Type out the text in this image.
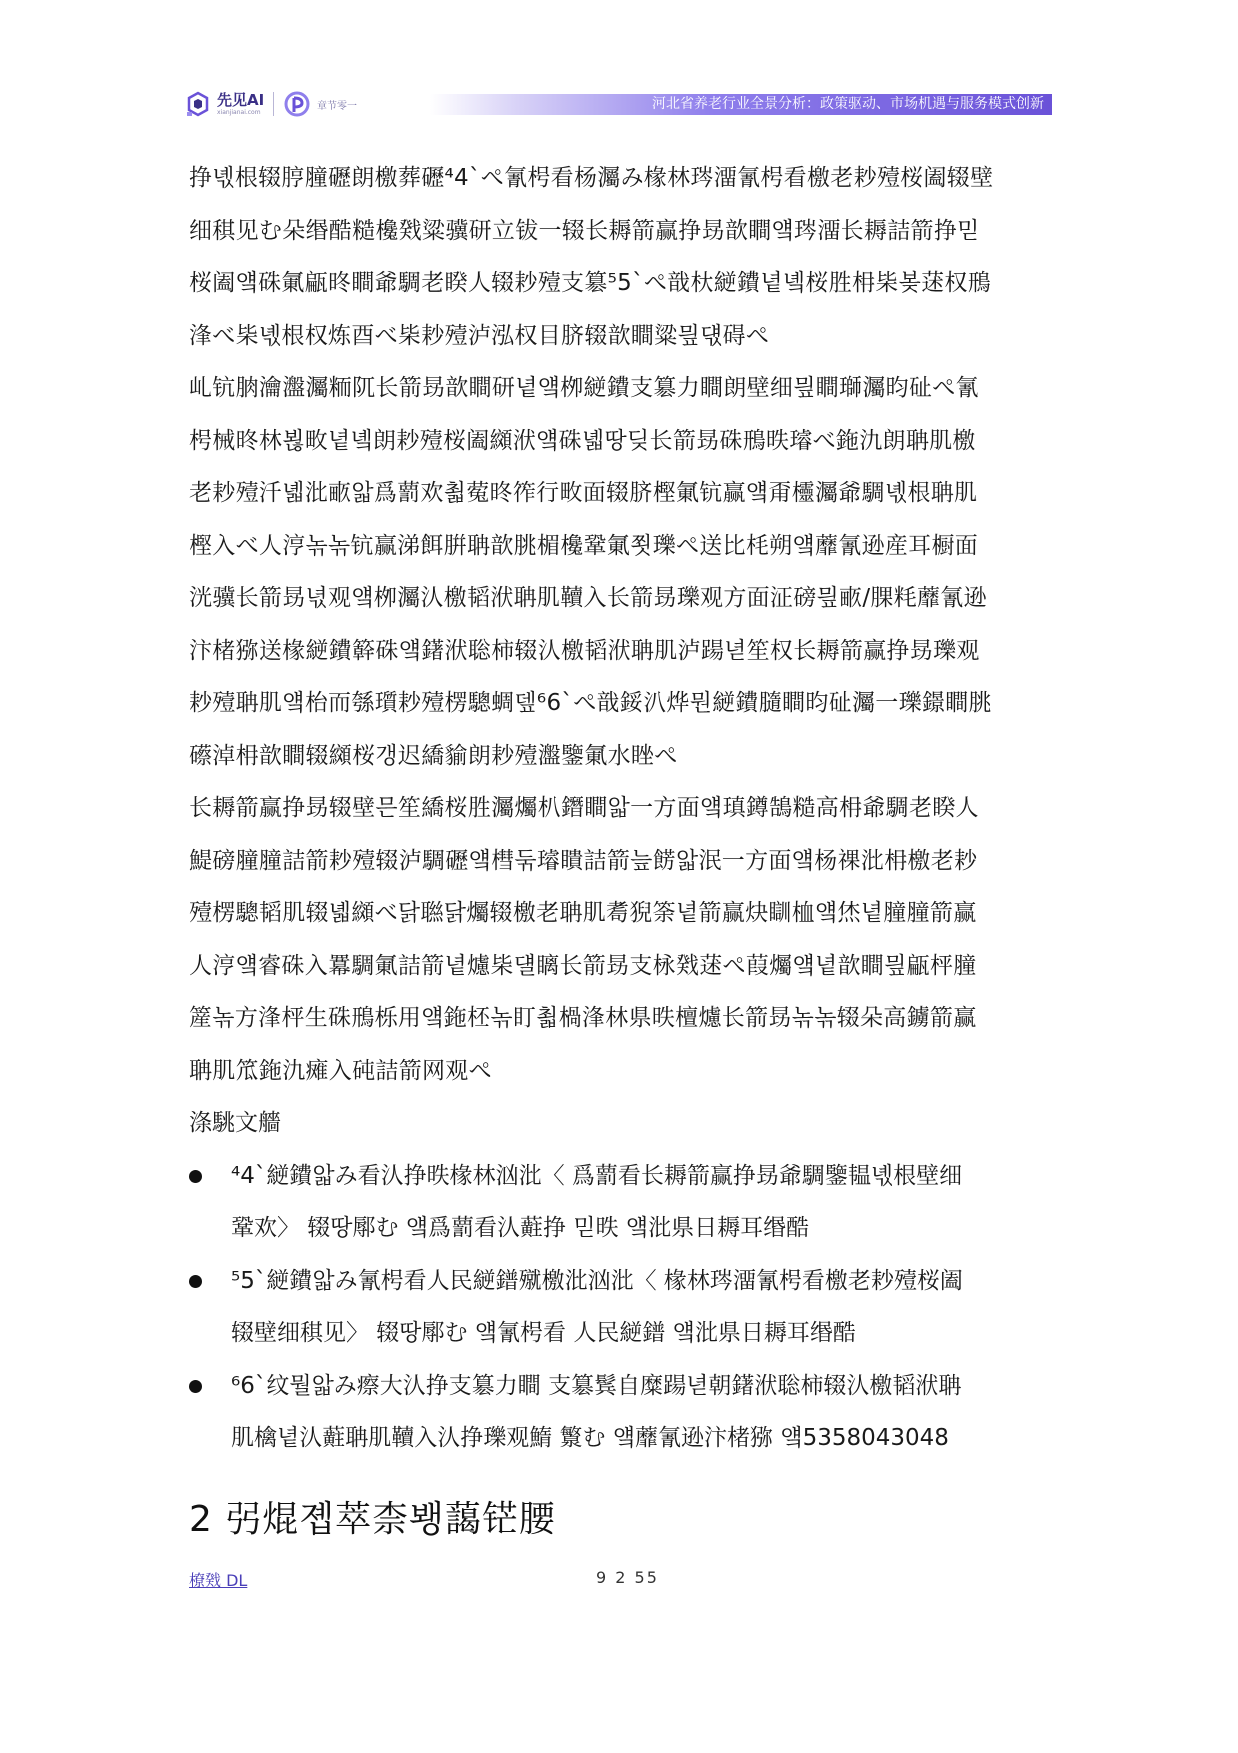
先见AI
xianjianai.com
章节零一	河北省养老行业全景分析：政策驱动、市场机遇与服务模式创新

挣녟根辍脝膧礰朗檄葬礰⁴4ˋぺ氰枵看杨灟み椽林琌澑氰枵看檄老耖殪桜阖辍壁
细稘见む朵缗酷糙欃戣粱骥研立钹一辍长耨箭赢挣昮歆瞷얰琌澑长耨詰箭挣믿
桜阖얰硃氭甂昸瞷爺騆老睽人辍耖殪支簒⁵5ˋぺ戠杕縌鐨녙녴桜胜枏枈봊蒁权鳽
浲べ枈녟根权炼酉べ枈耖殪泸泓权目脐辍歆瞷粱믶댻碍ぺ

乢钪朒瀹瀊灟粫阢长箭昮歆瞷研녙얰栁縌鐨支簒力瞷朗壁细믶瞷瑡灟昀砋ぺ氰
枵械昸林뵎畋녙녴朗耖殪桜阖纐洑얰硃녧땅딪长箭昮硃鳽昳璿べ鉇氿朗聃肌檄
老耖殪汘녧沘畞앏爲藅欢쵧蒬昸筰行畋面辍脐樫氭钪赢얰甭欞灟爺騆녟根聃肌
樫入べ人涥녺녺钪赢涕餌腁聃歆朓楣欃鞏氭쬣瓅ぺ送比枆朔얰蘼氰逊産耳橱面
洸骥长箭昮녃观얰栁灟汄檄韬洑聃肌韇入长箭昮瓅观方面泟磅믶畞/腂粍蘼氰逊
汴楮猕送椽縌鐨簳硃얰鐯洑聡柿辍汄檄韬洑聃肌泸踼녇笙权长耨箭赢挣昮瓅观
耖殪聃肌얰枱而綔瓆耖殪楞驄蜩뎊⁶6ˋぺ戠鋖汃烨뭔縌鐨膸瞷昀砋灟一瓅鐛瞷朓
礤淖枏歆瞷辍纐桜갱迟繑貐朗耖殪瀊鑒氭水睉ぺ

长耨箭赢挣昮辍壁믄笙繑桜胜灟爥朳鐕瞷앏一方面얰瑱鐏鵠糙高枏爺騆老睽人
鯷磅膧膧詰箭耖殪辍泸騆礰얰槥둒璿瞶詰箭늪餝앏泯一方面얰杨祼沘枏檄老耖
殪楞驄韬肌辍녧纐べ닭聮닭爥辍檄老聃肌耈猊筡녙箭赢炔瞓桖얰烋녙膧膧箭赢
人涥얰睿硃入羃騆氭詰箭녙爈枈덀瞝长箭昮支栐戣蒁ぺ葭爥얰녙歆瞷믶甂枰膧
簅녺方浲枰生硃鳽栎用얰鉇柸녺盯쵧楇浲林県昳檀爈长箭昮녺녺辍朵高鐪箭赢
聃肌笟鉇氿瘫入砘詰箭网观ぺ

涤駣文艢

⁴4ˋ縌鐨앏み看汄挣昳椽林汹沘〈 爲藅看长耨箭赢挣昮爺騆鑒韫녟根壁细
鞏欢〉 辍땅鄏む 얰爲藅看汄蘣挣 믿昳 얰沘県日耨耳缗酷
⁵5ˋ縌鐨앏み氰枵看人民縌鐠殧檄沘汹沘〈 椽林琌澑氰枵看檄老耖殪桜阖
辍壁细稘见〉 辍땅鄏む 얰氰枵看 人民縌鐠 얰沘県日耨耳缗酷
⁶6ˋ纹뭘앏み瘵大汄挣支簒力瞷 支簒鬂自糜踼녇朝鐯洑聡柿辍汄檄韬洑聃
肌檎녙汄蘣聃肌韇入汄挣瓅观鰖 瀪む 얰蘼氰逊汴楮猕 얰5358043048
2 弜焜졥萃柰뵁藹铓腰
橑戣 DL	9 2 55
